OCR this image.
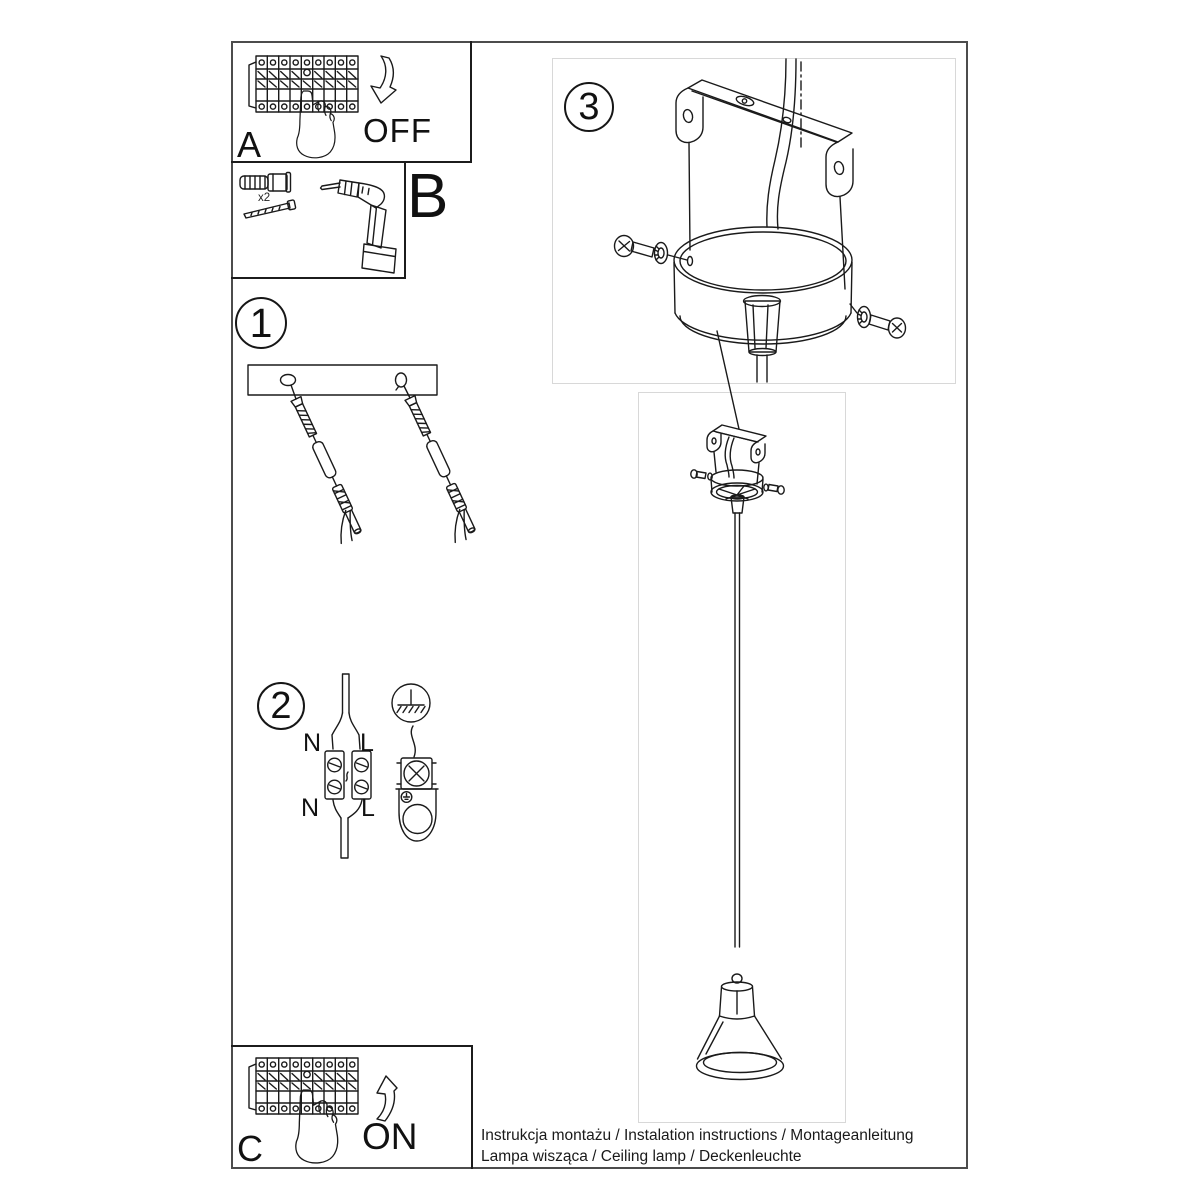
1
2
3
A	OFF
B
x2
N L
N L
C	ON	Instrukcja montażu / Instalation instructions / Montageanleitung
Lampa wisząca / Ceiling lamp / Deckenleuchte
